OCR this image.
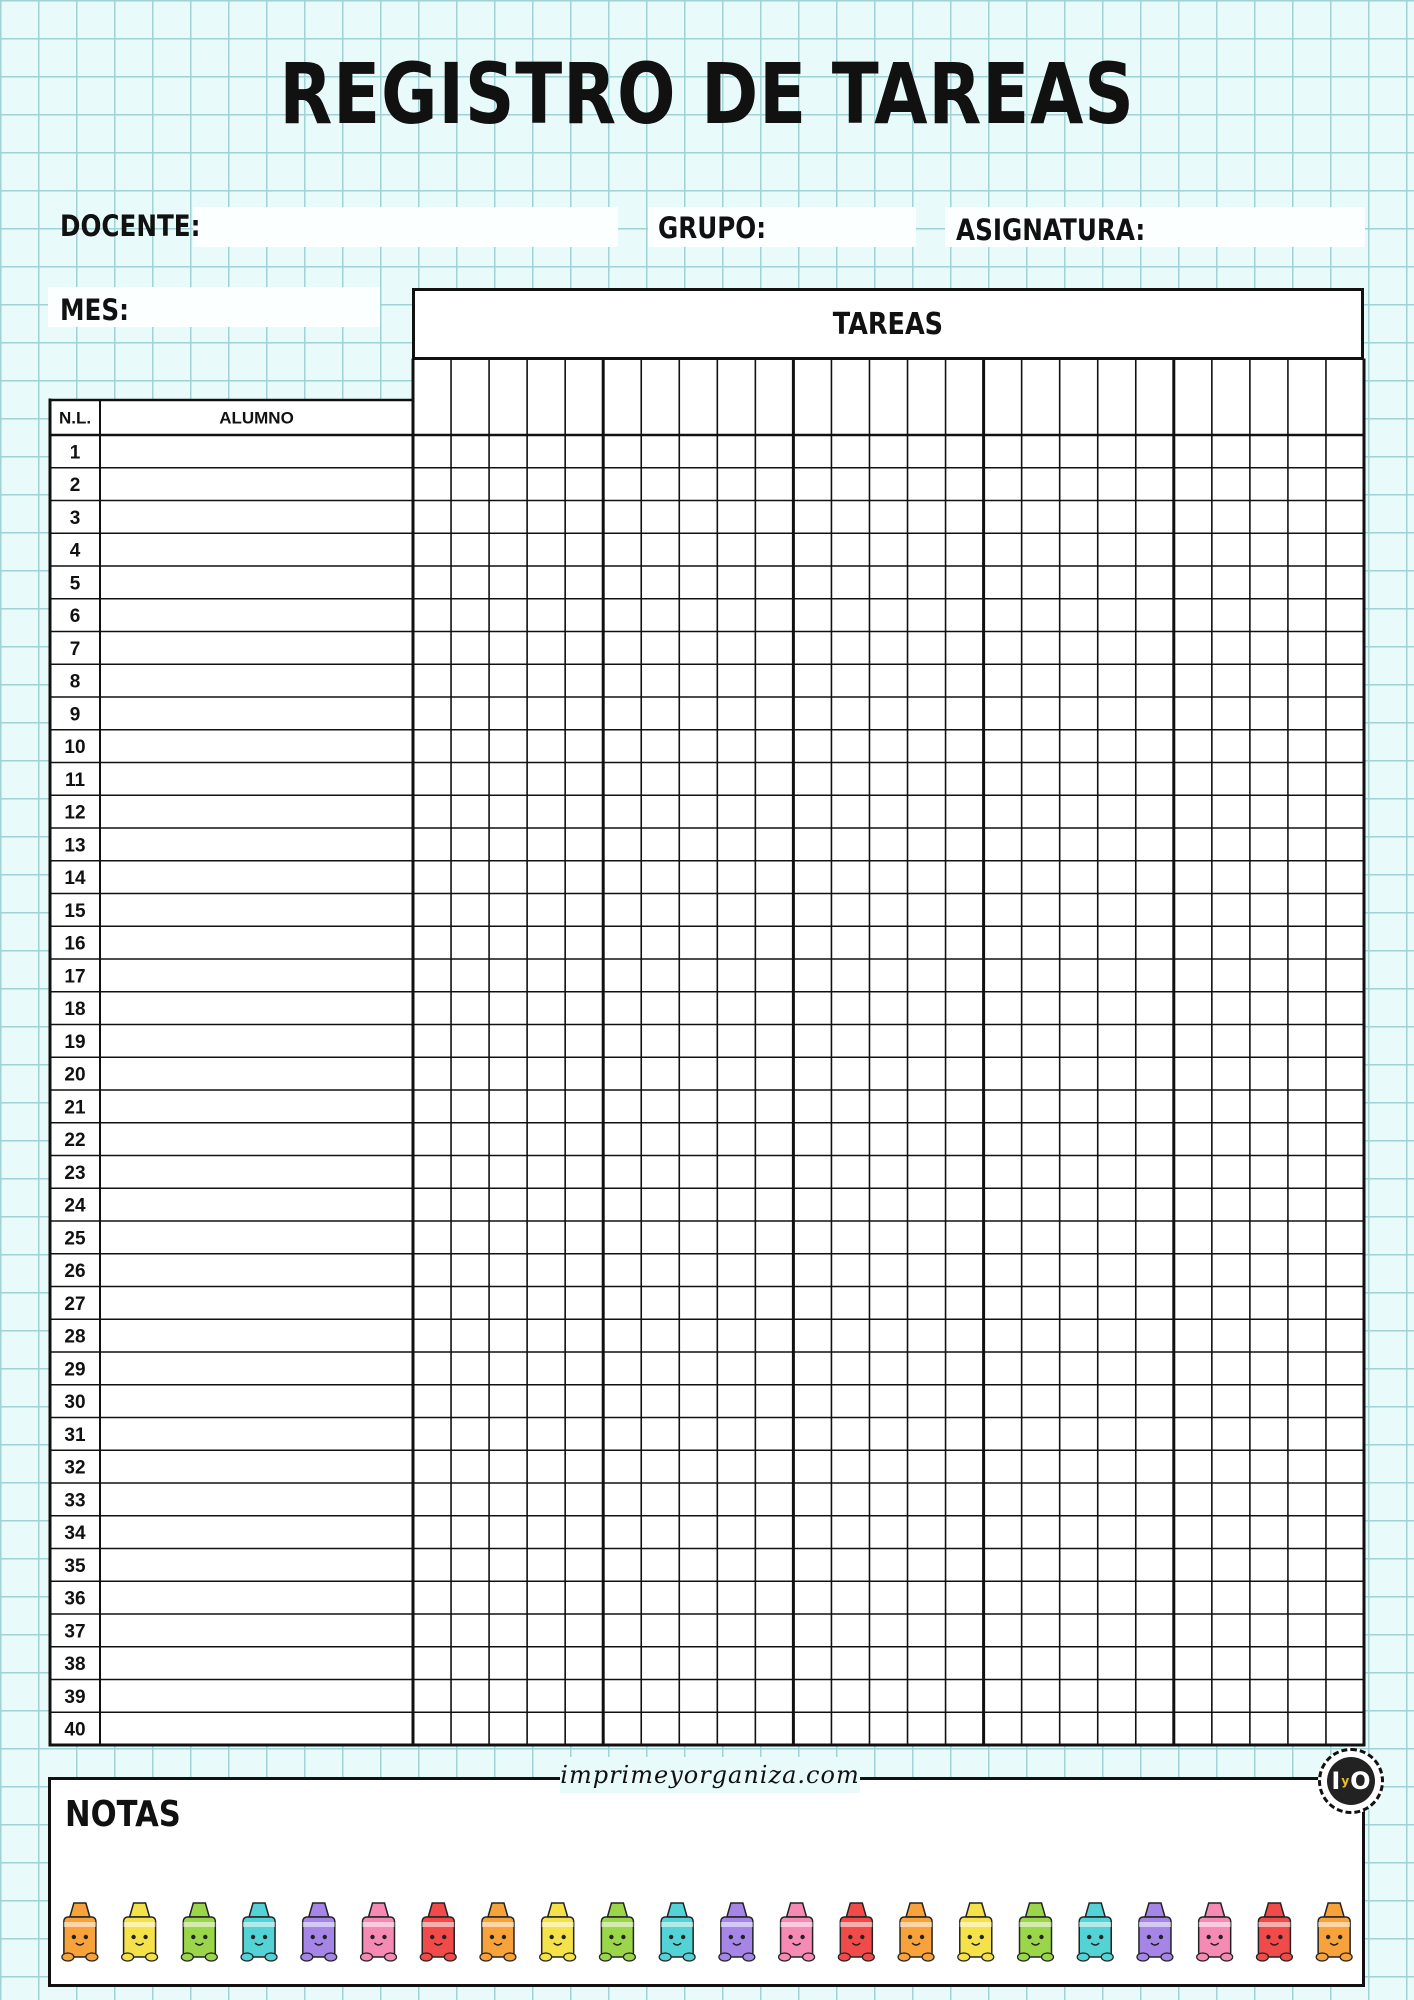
REGISTRO DE TAREAS
DOCENTE:	GRUPO:	ASIGNATURA:
MES:	TAREAS
N.L.	ALUMNO
1
2
3
4
5
6
7
8
9
10
11
12
13
14
15
16
17
18
19
20
21
22
23
24
25
26
27
28
29
30
31
32
33
34
35
36
37
38
39
40
NOTAS
imprimeyorganiza.com	I y O
